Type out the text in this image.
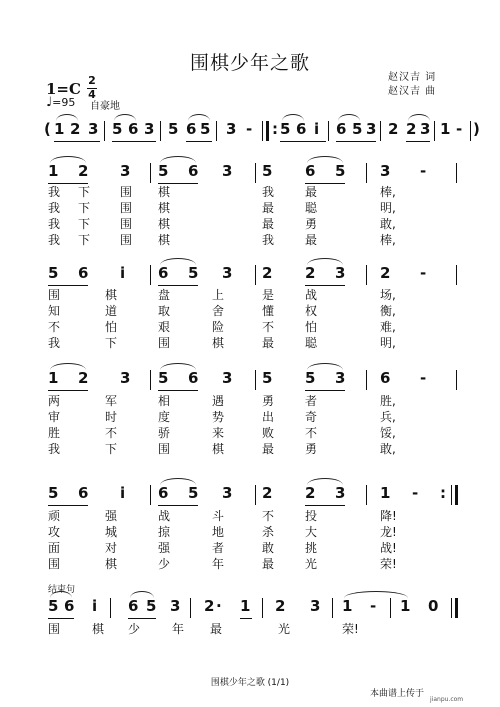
围棋少年之歌
赵汉吉 词
赵汉吉 曲
1=C 2
4
♩=95 自豪地
( 1 2 3 5 6 3 5 6 5 3 - : 5 6 i 6 5 3 2 2 3 1 - )
1 2 3 5 6 3 5 6 5 3 -
我 下 围 棋	我	最	棒,
我 下 围 棋	最	聪	明,
我 下 围 棋	最	勇	敢,
我 下 围 棋	我	最	棒,
5 6 i 6 5 3 2 2 3 2 -
围	棋	盘	上	是	战	场,
知	道	取	舍	懂	权	衡,
不	怕	艰	险	不	怕	难,
我	下	围	棋	最	聪	明,
1 2 3 5 6 3 5 5 3 6 -
两	军	相	遇	勇	者	胜,
审	时	度	势	出	奇	兵,
胜	不	骄	来	败	不	馁,
我	下	围	棋	最	勇	敢,
5 6 i 6 5 3 2 2 3 1 - :
顽	强	战	斗	不	投	降!
攻	城	掠	地	杀	大	龙!
面	对	强	者	敢	挑	战!
围	棋	少	年	最	光	荣!
结束句
5 6 i 6 5 3 2 · 1 2 3 1 - 1 0
围	棋 少	年 最	光	荣!
围棋少年之歌 (1/1)
本曲谱上传于
jianpu.com
